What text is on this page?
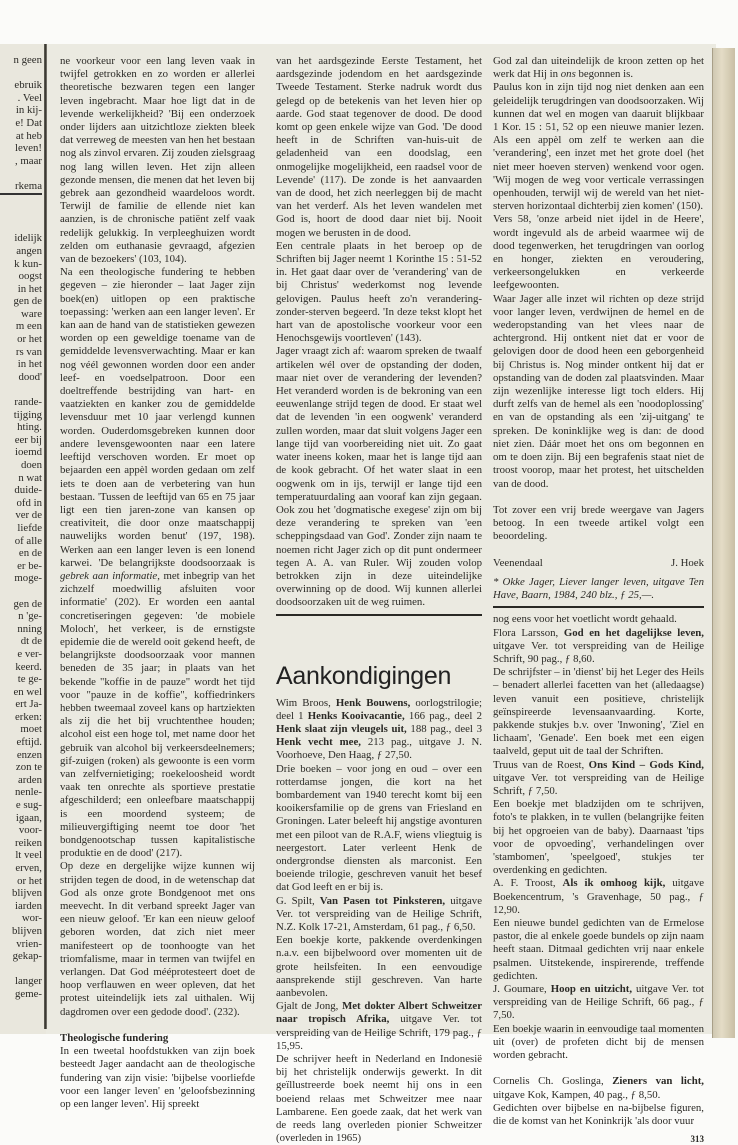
n geen
ebruik
. Veel
in kij-
e! Dat
at heb
leven!
, maar
rkema
idelijk
angen
k kun-
oogst
in het
gen de
ware
m een
or het
rs van
in het
dood'
rande-
tijging
hting.
eer bij
ioemd
doen
n wat
duide-
ofd in
ver de
liefde
of alle
en de
er be-
moge-
gen de
n 'ge-
nning
dt de
e ver-
keerd.
te ge-
en wel
ert Ja-
erken:
moet
eftijd.
enzen
zon te
arden
nenle-
e sug-
igaan,
voor-
reiken
lt veel
erven,
or het
blijven
iarden
wor-
blijven
vrien-
gekap-
langer
geme-

ne voorkeur voor een lang leven vaak in twijfel getrokken en zo worden er allerlei theoretische bezwaren tegen een langer leven ingebracht. Maar hoe ligt dat in de levende werkelijkheid? 'Bij een onderzoek onder lijders aan uitzichtloze ziekten bleek dat verreweg de meesten van hen het bestaan nog als zinvol ervaren. Zij zouden zielsgraag nog lang willen leven. Het zijn alleen gezonde mensen, die menen dat het leven bij gebrek aan gezondheid waardeloos wordt. Terwijl de familie de ellende niet kan aanzien, is de chronische patiënt zelf vaak redelijk gelukkig. In verpleeghuizen wordt zelden om euthanasie gevraagd, afgezien van de bezoekers' (103, 104).

Na een theologische fundering te hebben gegeven – zie hieronder – laat Jager zijn boek(en) uitlopen op een praktische toepassing: 'werken aan een langer leven'. Er kan aan de hand van de statistieken gewezen worden op een geweldige toename van de gemiddelde levensverwachting. Maar er kan nog véél gewonnen worden door een ander leef- en voedselpatroon. Door een doeltreffende bestrijding van hart- en vaatziekten en kanker zou de gemiddelde levensduur met 10 jaar verlengd kunnen worden. Ouderdomsgebreken kunnen door andere levensgewoonten naar een latere leeftijd verschoven worden. Er moet op bejaarden een appèl worden gedaan om zelf iets te doen aan de verbetering van hun bestaan. 'Tussen de leeftijd van 65 en 75 jaar ligt een tien jaren-zone van kansen op creativiteit, die door onze maatschappij nauwelijks worden benut' (197, 198). Werken aan een langer leven is een lonend karwei. 'De belangrijkste doodsoorzaak is gebrek aan informatie, met inbegrip van het zichzelf moedwillig afsluiten voor informatie' (202). Er worden een aantal concretiseringen gegeven: 'de mobiele Moloch', het verkeer, is de ernstigste epidemie die de wereld ooit gekend heeft, de belangrijkste doodsoorzaak voor mannen beneden de 35 jaar; in plaats van het bekende "koffie in de pauze" wordt het tijd voor "pauze in de koffie", koffiedrinkers hebben tweemaal zoveel kans op hartziekten als zij die het bij vruchtenthee houden; alcohol eist een hoge tol, met name door het gebruik van alcohol bij verkeersdeelnemers; gif-zuigen (roken) als gewoonte is een vorm van zelfvernietiging; roekeloosheid wordt vaak ten onrechte als sportieve prestatie afgeschilderd; een onleefbare maatschappij is een moordend systeem; de milieuvergiftiging neemt toe door 'het bondgenootschap tussen kapitalistische produktie en de dood' (217).

Op deze en dergelijke wijze kunnen wij strijden tegen de dood, in de wetenschap dat God als onze grote Bondgenoot met ons meevecht. In dit verband spreekt Jager van een nieuw geloof. 'Er kan een nieuw geloof geboren worden, dat zich niet meer manifesteert op de toonhoogte van het triomfalisme, maar in termen van twijfel en verlangen. Dat God mééprotesteert doet de hoop verflauwen en weer opleven, dat het protest uiteindelijk iets zal uithalen. Wij dagdromen over een gedode dood'. (232).

Theologische fundering

In een tweetal hoofdstukken van zijn boek besteedt Jager aandacht aan de theologische fundering van zijn visie: 'bijbelse voorliefde voor een langer leven' en 'geloofsbezinning op een langer leven'. Hij spreekt

van het aardsgezinde Eerste Testament, het aardsgezinde jodendom en het aardsgezinde Tweede Testament. Sterke nadruk wordt dus gelegd op de betekenis van het leven hier op aarde. God staat tegenover de dood. De dood komt op geen enkele wijze van God. 'De dood heeft in de Schriften van-huis-uit de geladenheid van een doodslag, een onmogelijke mogelijkheid, een raadsel voor de Levende' (117). De zonde is het aanvaarden van de dood, het zich neerleggen bij de macht van het verderf. Als het leven wandelen met God is, hoort de dood daar niet bij. Nooit mogen we berusten in de dood.

Een centrale plaats in het beroep op de Schriften bij Jager neemt 1 Korinthe 15 : 51-52 in. Het gaat daar over de 'verandering' van de bij Christus' wederkomst nog levende gelovigen. Paulus heeft zo'n verandering-zonder-sterven begeerd. 'In deze tekst klopt het hart van de apostolische voorkeur voor een Henochsgewijs voortleven' (143).

Jager vraagt zich af: waarom spreken de twaalf artikelen wél over de opstanding der doden, maar niet over de verandering der levenden? Het veranderd worden is de bekroning van een eeuwenlange strijd tegen de dood. Er staat wel dat de levenden 'in een oogwenk' veranderd zullen worden, maar dat sluit volgens Jager een lange tijd van voorbereiding niet uit. Zo gaat water ineens koken, maar het is lange tijd aan de kook gebracht. Of het water slaat in een oogwenk om in ijs, terwijl er lange tijd een temperatuurdaling aan vooraf kan zijn gegaan. Ook zou het 'dogmatische exegese' zijn om bij deze verandering te spreken van 'een scheppingsdaad van God'. Zonder zijn naam te noemen richt Jager zich op dit punt ondermeer tegen A. A. van Ruler. Wij zouden volop betrokken zijn in deze uiteindelijke overwinning op de dood. Wij kunnen allerlei doodsoorzaken uit de weg ruimen.

Aankondigingen

Wim Broos, Henk Bouwens, oorlogstrilogie; deel 1 Henks Kooivacantie, 166 pag., deel 2 Henk slaat zijn vleugels uit, 188 pag., deel 3 Henk vecht mee, 213 pag., uitgave J. N. Voorhoeve, Den Haag, ƒ 27,50.

Drie boeken – voor jong en oud – over een rotterdamse jongen, die kort na het bombardement van 1940 terecht komt bij een kooikersfamilie op de grens van Friesland en Groningen. Later beleeft hij angstige avonturen met een piloot van de R.A.F, wiens vliegtuig is neergestort. Later verleent Henk de ondergrondse diensten als marconist. Een boeiende trilogie, geschreven vanuit het besef dat God leeft en er bij is.

G. Spilt, Van Pasen tot Pinksteren, uitgave Ver. tot verspreiding van de Heilige Schrift, N.Z. Kolk 17-21, Amsterdam, 61 pag., ƒ 6,50.

Een boekje korte, pakkende overdenkingen n.a.v. een bijbelwoord over momenten uit de grote heilsfeiten. In een eenvoudige aansprekende stijl geschreven. Van harte aanbevolen.

Gjalt de Jong, Met dokter Albert Schweitzer naar tropisch Afrika, uitgave Ver. tot verspreiding van de Heilige Schrift, 179 pag., ƒ 15,95.

De schrijver heeft in Nederland en Indonesië bij het christelijk onderwijs gewerkt. In dit geïllustreerde boek neemt hij ons in een boeiend relaas met Schweitzer mee naar Lambarene. Een goede zaak, dat het werk van de reeds lang overleden pionier Schweitzer (overleden in 1965)

God zal dan uiteindelijk de kroon zetten op het werk dat Hij in ons begonnen is.

Paulus kon in zijn tijd nog niet denken aan een geleidelijk terugdringen van doodsoorzaken. Wij kunnen dat wel en mogen van daaruit blijkbaar 1 Kor. 15 : 51, 52 op een nieuwe manier lezen. Als een appèl om zelf te werken aan die 'verandering', een inzet met het grote doel (het niet meer hoeven sterven) wenkend voor ogen. 'Wij mogen de weg voor verticale verrassingen openhouden, terwijl wij de wereld van het niet-sterven horizontaal dichterbij zien komen' (150).

Vers 58, 'onze arbeid niet ijdel in de Heere', wordt ingevuld als de arbeid waarmee wij de dood tegenwerken, het terugdringen van oorlog en honger, ziekten en veroudering, verkeersongelukken en verkeerde leefgewoonten.

Waar Jager alle inzet wil richten op deze strijd voor langer leven, verdwijnen de hemel en de wederopstanding van het vlees naar de achtergrond. Hij ontkent niet dat er voor de gelovigen door de dood heen een geborgenheid bij Christus is. Nog minder ontkent hij dat er opstanding van de doden zal plaatsvinden. Maar zijn wezenlijke interesse ligt toch elders. Hij durft zelfs van de hemel als een 'noodoplossing' en van de opstanding als een 'zij-uitgang' te spreken. De koninklijke weg is dan: de dood niet zien. Dáár moet het ons om begonnen en om te doen zijn. Bij een begrafenis staat niet de troost voorop, maar het protest, het uitschelden van de dood.

Tot zover een vrij brede weergave van Jagers betoog. In een tweede artikel volgt een beoordeling.

Veenendaal	J. Hoek

* Okke Jager, Liever langer leven, uitgave Ten Have, Baarn, 1984, 240 blz., ƒ 25,—.

nog eens voor het voetlicht wordt gehaald.

Flora Larsson, God en het dagelijkse leven, uitgave Ver. tot verspreiding van de Heilige Schrift, 90 pag., ƒ 8,60.

De schrijfster – in 'dienst' bij het Leger des Heils – benadert allerlei facetten van het (alledaagse) leven vanuit een positieve, christelijk geïnspireerde levensaanvaarding. Korte, pakkende stukjes b.v. over 'Inwoning', 'Ziel en lichaam', 'Genade'. Een boek met een eigen taalveld, geput uit de taal der Schriften.

Truus van de Roest, Ons Kind – Gods Kind, uitgave Ver. tot verspreiding van de Heilige Schrift, ƒ 7,50.

Een boekje met bladzijden om te schrijven, foto's te plakken, in te vullen (belangrijke feiten bij het opgroeien van de baby). Daarnaast 'tips voor de opvoeding', verhandelingen over 'stambomen', 'speelgoed', stukjes ter overdenking en gedichten.

A. F. Troost, Als ik omhoog kijk, uitgave Boekencentrum, 's Gravenhage, 50 pag., ƒ 12,90.

Een nieuwe bundel gedichten van de Ermelose pastor, die al enkele goede bundels op zijn naam heeft staan. Ditmaal gedichten vrij naar enkele psalmen. Uitstekende, inspirerende, treffende gedichten.

J. Goumare, Hoop en uitzicht, uitgave Ver. tot verspreiding van de Heilige Schrift, 66 pag., ƒ 7,50.

Een boekje waarin in eenvoudige taal momenten uit (over) de profeten dicht bij de mensen worden gebracht.

Cornelis Ch. Goslinga, Zieners van licht, uitgave Kok, Kampen, 40 pag., ƒ 8,50.

Gedichten over bijbelse en na-bijbelse figuren, die de komst van het Koninkrijk 'als door vuur

313
